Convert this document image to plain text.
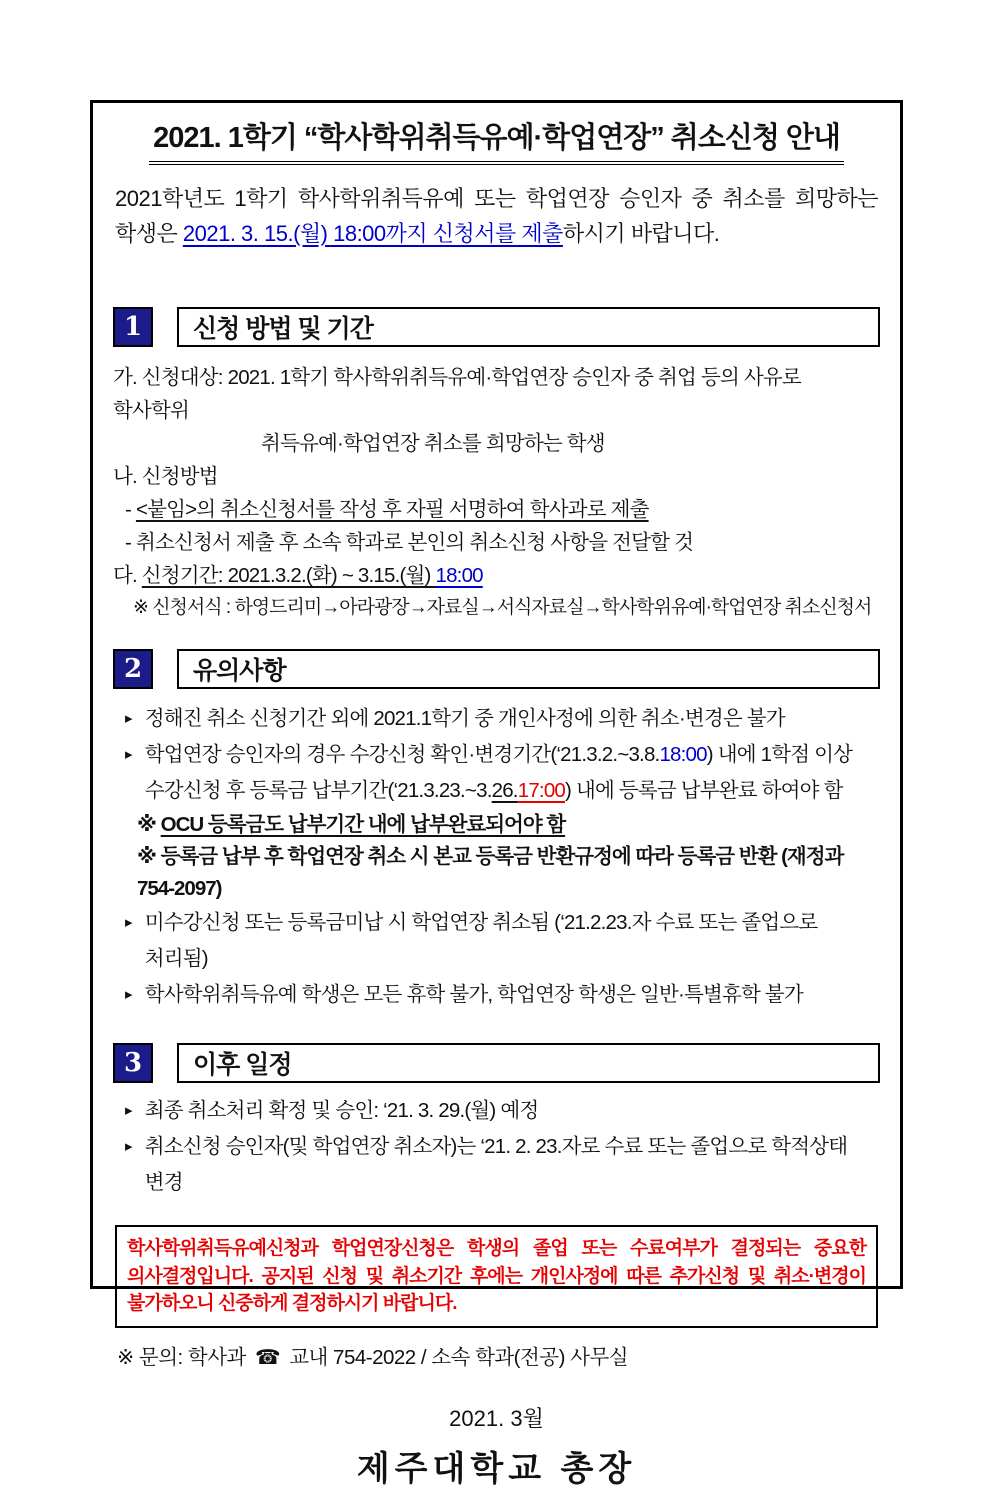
2021. 1학기 “학사학위취득유예·학업연장” 취소신청 안내

2021학년도 1학기 학사학위취득유예 또는 학업연장 승인자 중 취소를 희망하는 학생은 2021. 3. 15.(월) 18:00까지 신청서를 제출하시기 바랍니다.

1	신청 방법 및 기간
가. 신청대상: 2021. 1학기 학사학위취득유예·학업연장 승인자 중 취업 등의 사유로 학사학위
취득유예·학업연장 취소를 희망하는 학생
나. 신청방법
- <붙임>의 취소신청서를 작성 후 자필 서명하여 학사과로 제출
- 취소신청서 제출 후 소속 학과로 본인의 취소신청 사항을 전달할 것
다. 신청기간: 2021.3.2.(화) ~ 3.15.(월) 18:00
※ 신청서식 : 하영드리미→아라광장→자료실→서식자료실→학사학위유예·학업연장 취소신청서
2	유의사항
▸ 정해진 취소 신청기간 외에 2021.1학기 중 개인사정에 의한 취소·변경은 불가
▸ 학업연장 승인자의 경우 수강신청 확인·변경기간(‘21.3.2.~3.8.18:00) 내에 1학점 이상
수강신청 후 등록금 납부기간(‘21.3.23.~3.26.17:00) 내에 등록금 납부완료 하여야 함
※ OCU 등록금도 납부기간 내에 납부완료되어야 함
※ 등록금 납부 후 학업연장 취소 시 본교 등록금 반환규정에 따라 등록금 반환 (재정과 754-2097)
▸ 미수강신청 또는 등록금미납 시 학업연장 취소됨 (‘21.2.23.자 수료 또는 졸업으로 처리됨)
▸ 학사학위취득유예 학생은 모든 휴학 불가, 학업연장 학생은 일반·특별휴학 불가
3	이후 일정
▸ 최종 취소처리 확정 및 승인: ‘21. 3. 29.(월) 예정
▸ 취소신청 승인자(및 학업연장 취소자)는 ‘21. 2. 23.자로 수료 또는 졸업으로 학적상태 변경
학사학위취득유예신청과 학업연장신청은 학생의 졸업 또는 수료여부가 결정되는 중요한 의사결정입니다. 공지된 신청 및 취소기간 후에는 개인사정에 따른 추가신청 및 취소·변경이 불가하오니 신중하게 결정하시기 바랍니다.
※ 문의: 학사과 ☎ 교내 754-2022 / 소속 학과(전공) 사무실
2021. 3월
제주대학교 총장
